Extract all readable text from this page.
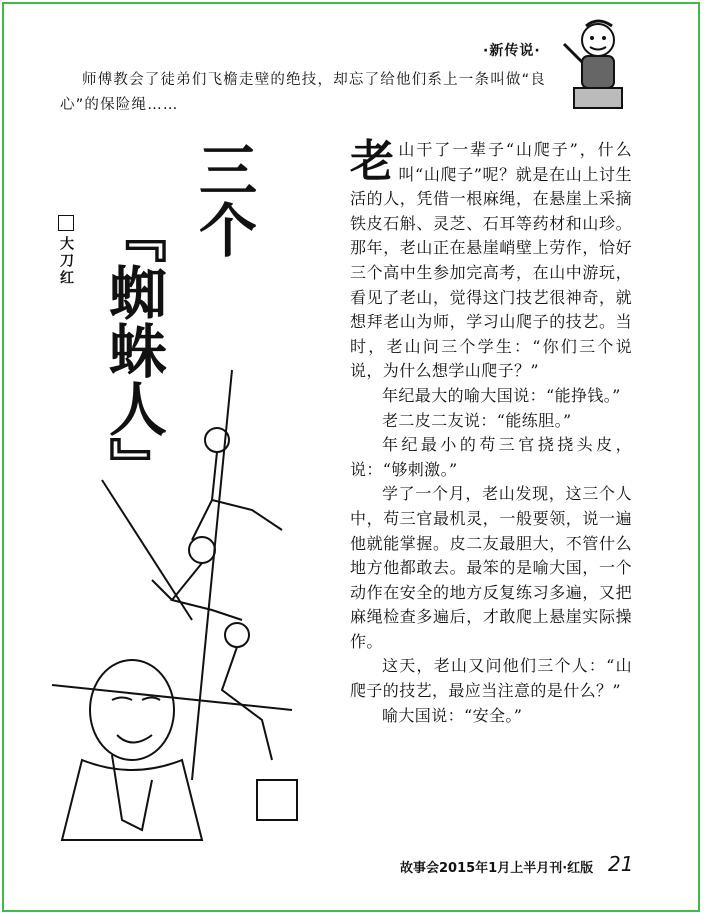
·新传说·
师傅教会了徒弟们飞檐走壁的绝技，却忘了给他们系上一条叫做“良心”的保险绳……
三个
『蜘蛛人』
大刀红

老山干了一辈子“山爬子”，什么叫“山爬子”呢？就是在山上讨生活的人，凭借一根麻绳，在悬崖上采摘铁皮石斛、灵芝、石耳等药材和山珍。那年，老山正在悬崖峭壁上劳作，恰好三个高中生参加完高考，在山中游玩，看见了老山，觉得这门技艺很神奇，就想拜老山为师，学习山爬子的技艺。当时，老山问三个学生：“你们三个说说，为什么想学山爬子？”

年纪最大的喻大国说：“能挣钱。”

老二皮二友说：“能练胆。”

年纪最小的苟三官挠挠头皮，说：“够刺激。”

学了一个月，老山发现，这三个人中，苟三官最机灵，一般要领，说一遍他就能掌握。皮二友最胆大，不管什么地方他都敢去。最笨的是喻大国，一个动作在安全的地方反复练习多遍，又把麻绳检查多遍后，才敢爬上悬崖实际操作。

这天，老山又问他们三个人：“山爬子的技艺，最应当注意的是什么？”

喻大国说：“安全。”

故事会2015年1月上半月刊·红版 21
